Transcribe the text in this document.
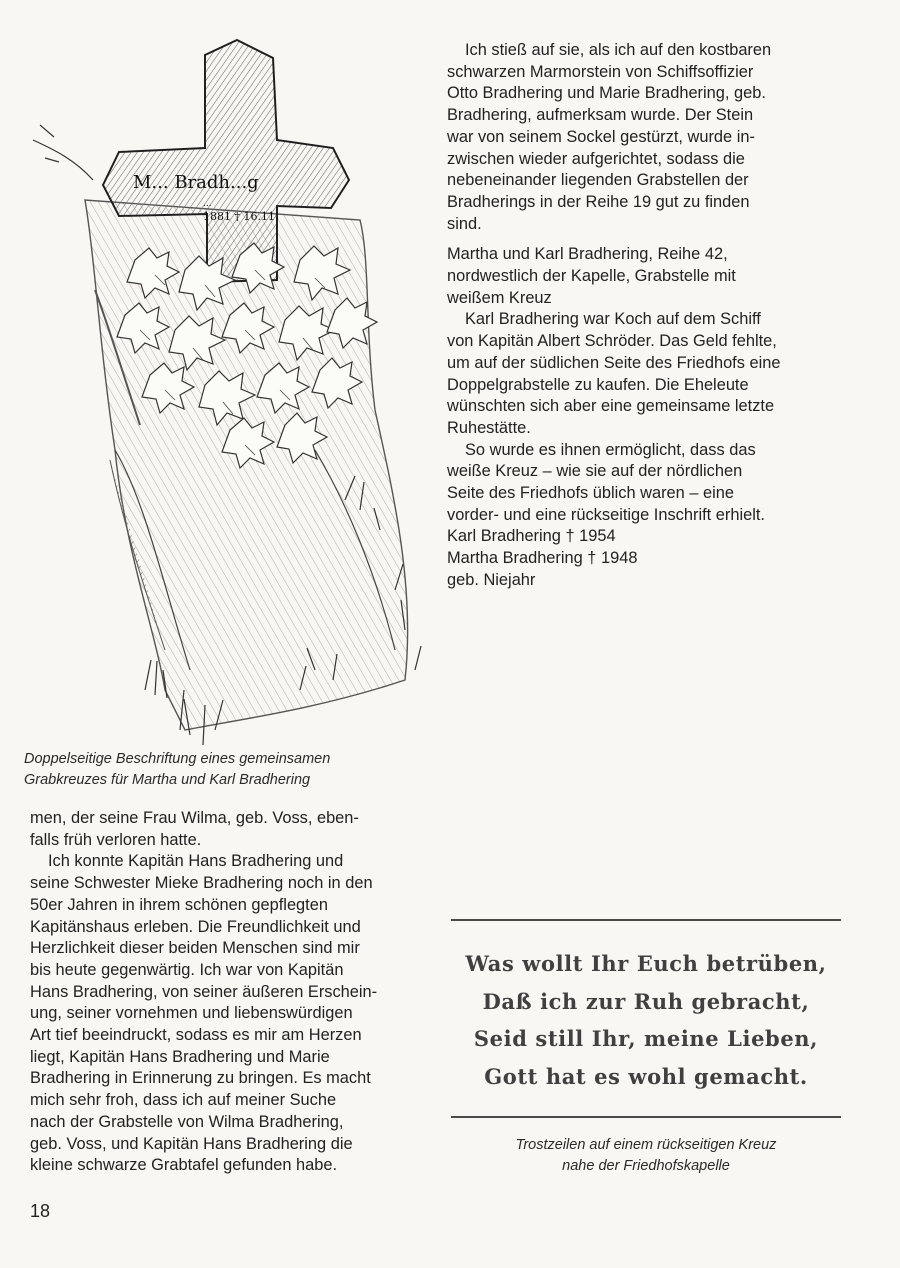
M... Bradh...g
...
1881 † 16.11

Doppelseitige Beschriftung eines gemeinsamen

Grabkreuzes für Martha und Karl Bradhering

Ich stieß auf sie, als ich auf den kostbaren

schwarzen Marmorstein von Schiffsoffizier

Otto Bradhering und Marie Bradhering, geb.

Bradhering, aufmerksam wurde. Der Stein

war von seinem Sockel gestürzt, wurde in-

zwischen wieder aufgerichtet, sodass die

nebeneinander liegenden Grabstellen der

Bradherings in der Reihe 19 gut zu finden

sind.

Martha und Karl Bradhering, Reihe 42,

nordwestlich der Kapelle, Grabstelle mit

weißem Kreuz

Karl Bradhering war Koch auf dem Schiff

von Kapitän Albert Schröder. Das Geld fehlte,

um auf der südlichen Seite des Friedhofs eine

Doppelgrabstelle zu kaufen. Die Eheleute

wünschten sich aber eine gemeinsame letzte

Ruhestätte.

So wurde es ihnen ermöglicht, dass das

weiße Kreuz – wie sie auf der nördlichen

Seite des Friedhofs üblich waren – eine

vorder- und eine rückseitige Inschrift erhielt.

Karl Bradhering † 1954

Martha Bradhering † 1948

geb. Niejahr

men, der seine Frau Wilma, geb. Voss, eben-

falls früh verloren hatte.

Ich konnte Kapitän Hans Bradhering und

seine Schwester Mieke Bradhering noch in den

50er Jahren in ihrem schönen gepflegten

Kapitänshaus erleben. Die Freundlichkeit und

Herzlichkeit dieser beiden Menschen sind mir

bis heute gegenwärtig. Ich war von Kapitän

Hans Bradhering, von seiner äußeren Erschein-

ung, seiner vornehmen und liebenswürdigen

Art tief beeindruckt, sodass es mir am Herzen

liegt, Kapitän Hans Bradhering und Marie

Bradhering in Erinnerung zu bringen. Es macht

mich sehr froh, dass ich auf meiner Suche

nach der Grabstelle von Wilma Bradhering,

geb. Voss, und Kapitän Hans Bradhering die

kleine schwarze Grabtafel gefunden habe.

18

Was wollt Ihr Euch betrüben,

Daß ich zur Ruh gebracht,

Seid still Ihr, meine Lieben,

Gott hat es wohl gemacht.

Trostzeilen auf einem rückseitigen Kreuz

nahe der Friedhofskapelle
